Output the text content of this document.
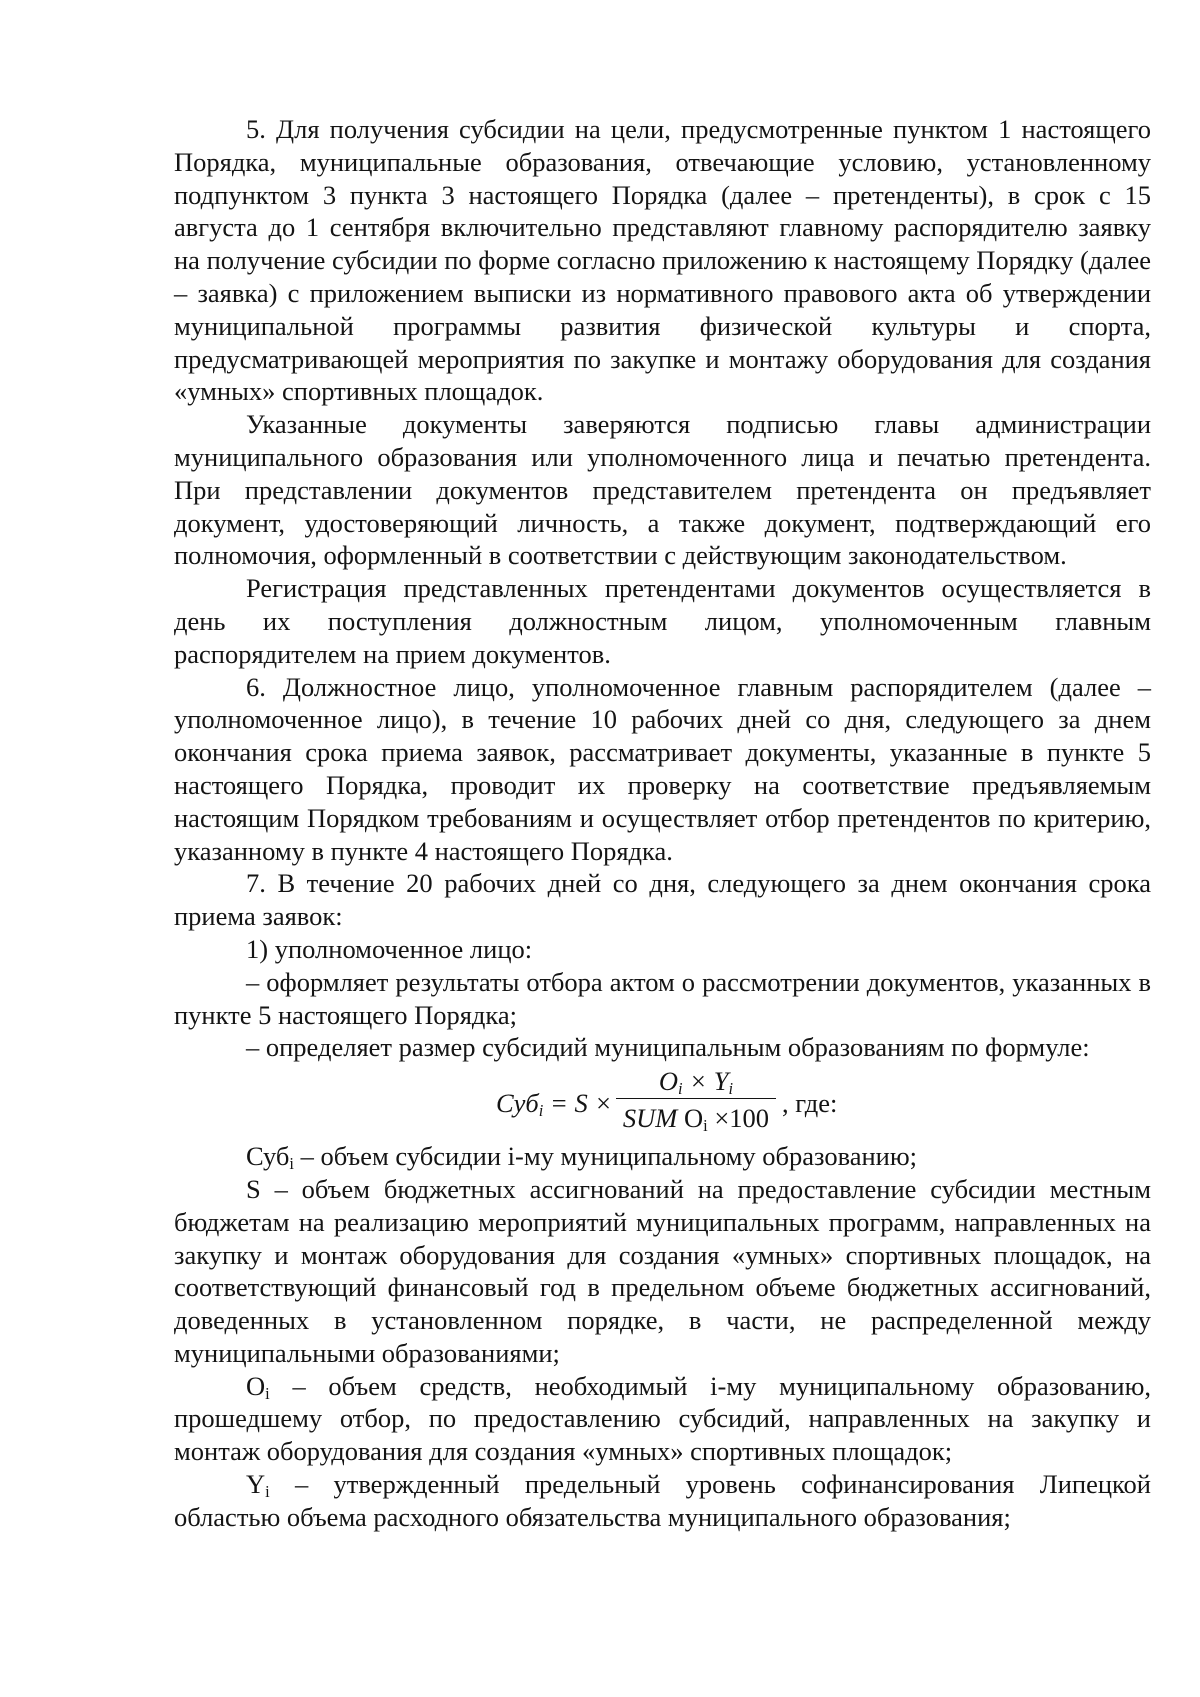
5. Для получения субсидии на цели, предусмотренные пунктом 1 настоящего Порядка, муниципальные образования, отвечающие условию, установленному подпунктом 3 пункта 3 настоящего Порядка (далее – претенденты), в срок с 15 августа до 1 сентября включительно представляют главному распорядителю заявку на получение субсидии по форме согласно приложению к настоящему Порядку (далее – заявка) с приложением выписки из нормативного правового акта об утверждении муниципальной программы развития физической культуры и спорта, предусматривающей мероприятия по закупке и монтажу оборудования для создания «умных» спортивных площадок.

Указанные документы заверяются подписью главы администрации муниципального образования или уполномоченного лица и печатью претендента. При представлении документов представителем претендента он предъявляет документ, удостоверяющий личность, а также документ, подтверждающий его полномочия, оформленный в соответствии с действующим законодательством.

Регистрация представленных претендентами документов осуществляется в день их поступления должностным лицом, уполномоченным главным распорядителем на прием документов.

6. Должностное лицо, уполномоченное главным распорядителем (далее – уполномоченное лицо), в течение 10 рабочих дней со дня, следующего за днем окончания срока приема заявок, рассматривает документы, указанные в пункте 5 настоящего Порядка, проводит их проверку на соответствие предъявляемым настоящим Порядком требованиям и осуществляет отбор претендентов по критерию, указанному в пункте 4 настоящего Порядка.

7. В течение 20 рабочих дней со дня, следующего за днем окончания срока приема заявок:

1) уполномоченное лицо:

– оформляет результаты отбора актом о рассмотрении документов, указанных в пункте 5 настоящего Порядка;

– определяет размер субсидий муниципальным образованиям по формуле:

Суб$_i$ = S ×
$O_i \times Y_i$
SUM $O_i \times 100$ , где:

Суб$_i$ – объем субсидии i-му муниципальному образованию;

S – объем бюджетных ассигнований на предоставление субсидии местным бюджетам на реализацию мероприятий муниципальных программ, направленных на закупку и монтаж оборудования для создания «умных» спортивных площадок, на соответствующий финансовый год в предельном объеме бюджетных ассигнований, доведенных в установленном порядке, в части, не распределенной между муниципальными образованиями;

$O_i$ – объем средств, необходимый i-му муниципальному образованию, прошедшему отбор, по предоставлению субсидий, направленных на закупку и монтаж оборудования для создания «умных» спортивных площадок;

$Y_i$ – утвержденный предельный уровень софинансирования Липецкой областью объема расходного обязательства муниципального образования;
